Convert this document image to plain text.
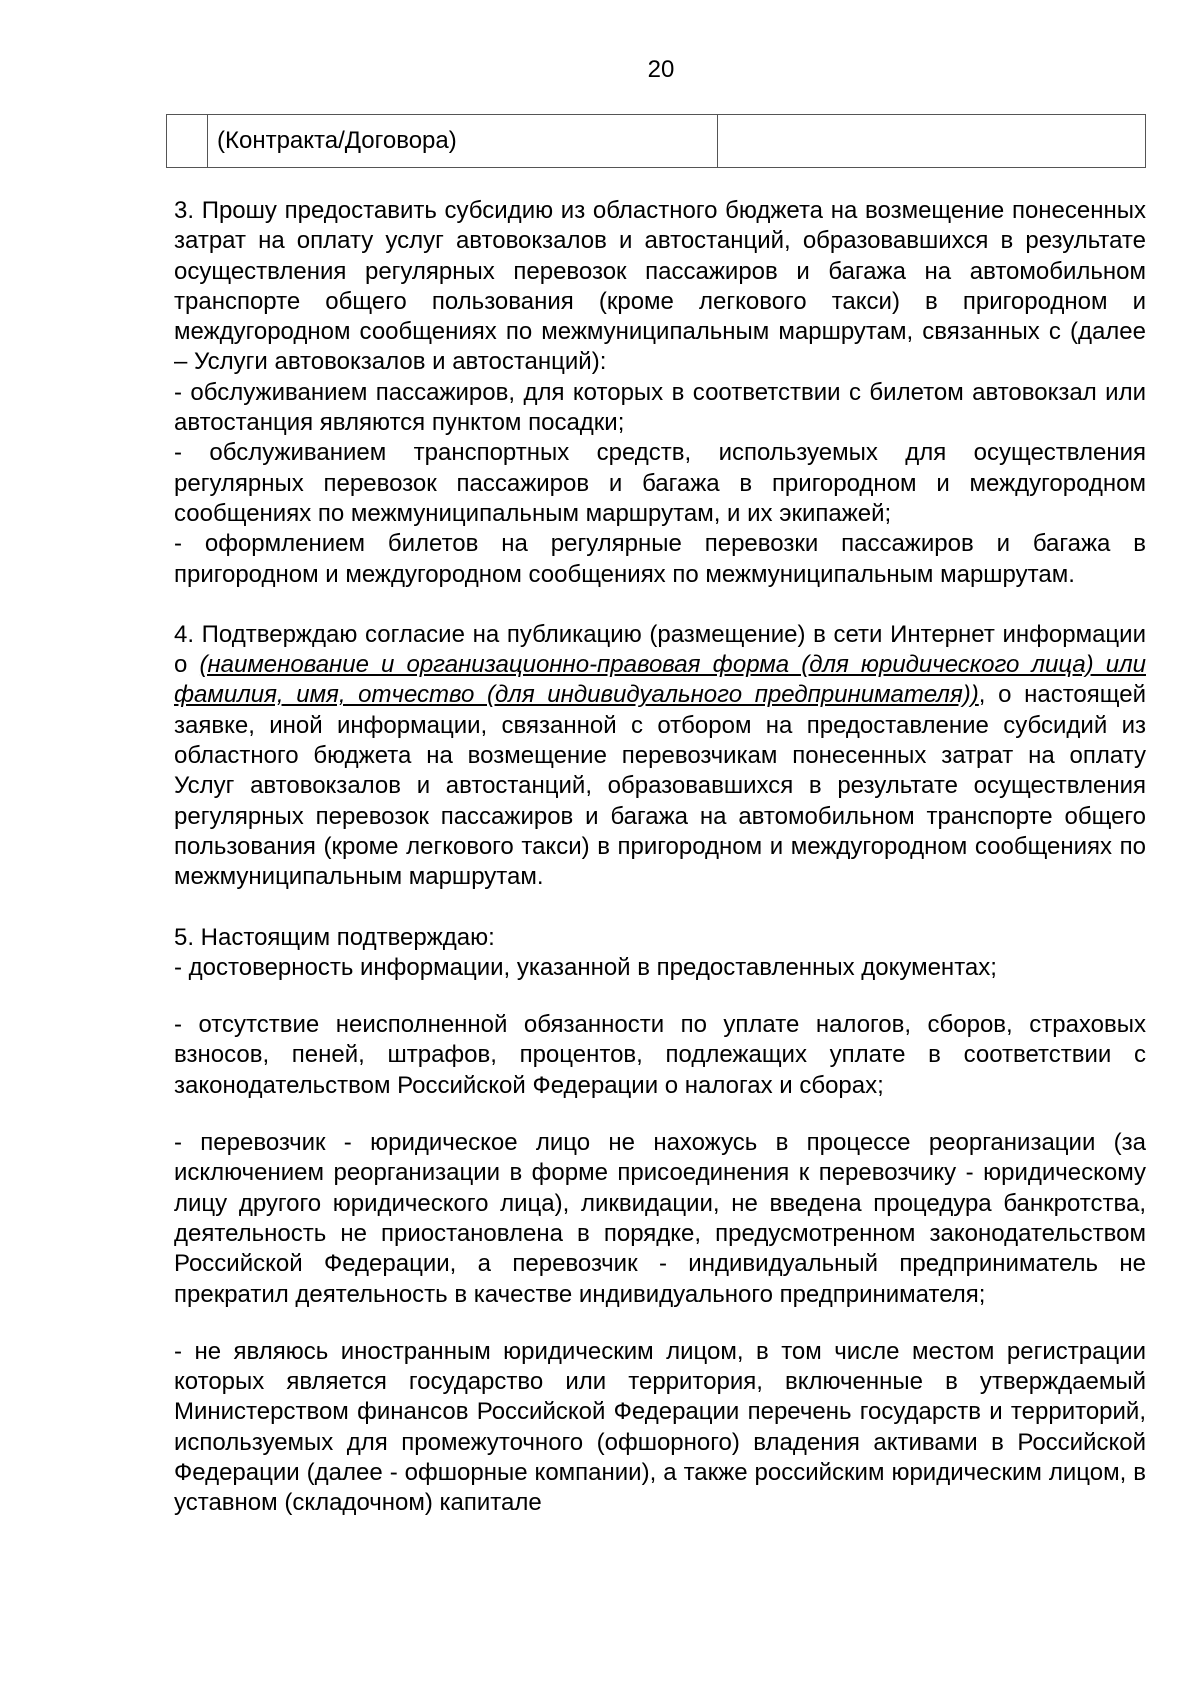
20
	(Контракта/Договора)	

3. Прошу предоставить субсидию из областного бюджета на возмещение понесенных затрат на оплату услуг автовокзалов и автостанций, образовавшихся в результате осуществления регулярных перевозок пассажиров и багажа на автомобильном транспорте общего пользования (кроме легкового такси) в пригородном и междугородном сообщениях по межмуниципальным маршрутам, связанных с (далее – Услуги автовокзалов и автостанций):

- обслуживанием пассажиров, для которых в соответствии с билетом автовокзал или автостанция являются пунктом посадки;

- обслуживанием транспортных средств, используемых для осуществления регулярных перевозок пассажиров и багажа в пригородном и междугородном сообщениях по межмуниципальным маршрутам, и их экипажей;

- оформлением билетов на регулярные перевозки пассажиров и багажа в пригородном и междугородном сообщениях по межмуниципальным маршрутам.

4. Подтверждаю согласие на публикацию (размещение) в сети Интернет информации о (наименование и организационно-правовая форма (для юридического лица) или фамилия, имя, отчество (для индивидуального предпринимателя)), о настоящей заявке, иной информации, связанной с отбором на предоставление субсидий из областного бюджета на возмещение перевозчикам понесенных затрат на оплату Услуг автовокзалов и автостанций, образовавшихся в результате осуществления регулярных перевозок пассажиров и багажа на автомобильном транспорте общего пользования (кроме легкового такси) в пригородном и междугородном сообщениях по межмуниципальным маршрутам.

5. Настоящим подтверждаю:

- достоверность информации, указанной в предоставленных документах;

- отсутствие неисполненной обязанности по уплате налогов, сборов, страховых взносов, пеней, штрафов, процентов, подлежащих уплате в соответствии с законодательством Российской Федерации о налогах и сборах;

- перевозчик - юридическое лицо не нахожусь в процессе реорганизации (за исключением реорганизации в форме присоединения к перевозчику - юридическому лицу другого юридического лица), ликвидации, не введена процедура банкротства, деятельность не приостановлена в порядке, предусмотренном законодательством Российской Федерации, а перевозчик - индивидуальный предприниматель не прекратил деятельность в качестве индивидуального предпринимателя;

- не являюсь иностранным юридическим лицом, в том числе местом регистрации которых является государство или территория, включенные в утверждаемый Министерством финансов Российской Федерации перечень государств и территорий, используемых для промежуточного (офшорного) владения активами в Российской Федерации (далее - офшорные компании), а также российским юридическим лицом, в уставном (складочном) капитале
